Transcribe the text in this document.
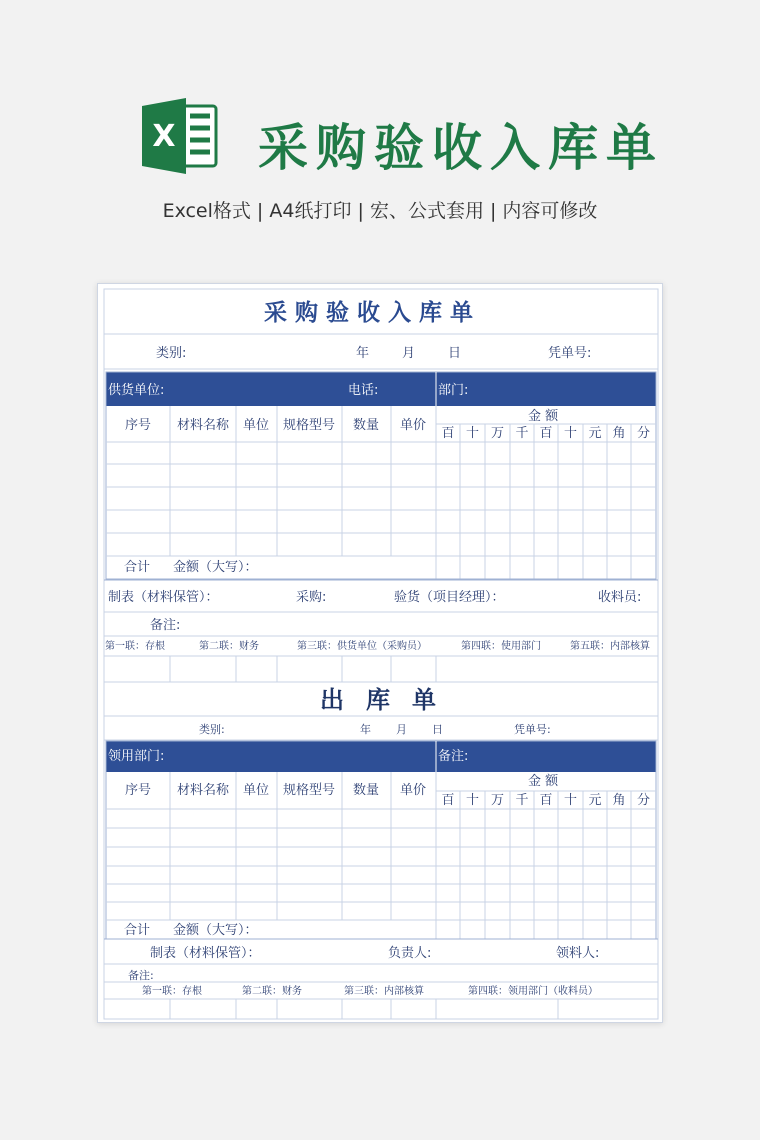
X 采购验收入库单
Excel格式 | A4纸打印 | 宏、公式套用 | 内容可修改
采购验收入库单
类别:	年	月	日	凭单号:
供货单位:	电话:	部门:
金 额
序号 材料名称 单位 规格型号 数量 单价
百 十 万 千 百 十 元 角 分
合计 金额（大写）：
制表（材料保管）：	采购:	验货（项目经理）：	收料员:
备注:
第一联：存根	第二联：财务	第三联：供货单位（采购员）	第四联：使用部门	第五联：内部核算
出库单
类别:	年 月 日	凭单号:
领用部门:	备注:
金 额
序号 材料名称 单位 规格型号 数量 单价
百 十 万 千 百 十 元 角 分
合计 金额（大写）：
制表（材料保管）：	负责人:	领料人:
备注:
第一联：存根	第二联：财务	第三联：内部核算	第四联：领用部门（收料员）
